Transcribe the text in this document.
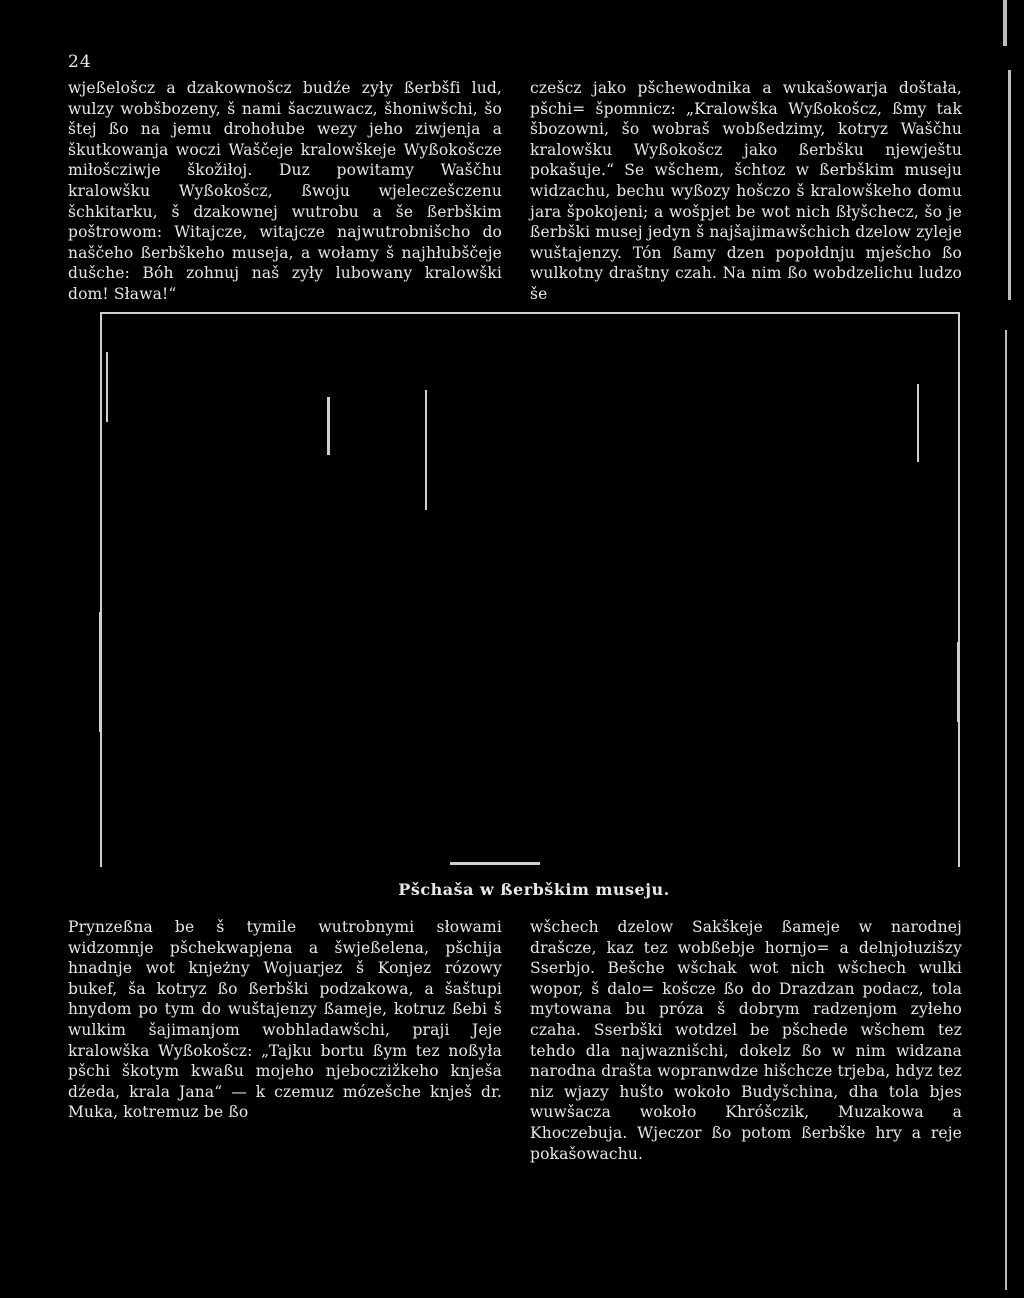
24

wjeßelošcz a dzakownošcz budźe zyły ßerbšfi lud, wulzy wobšbozeny, š nami šaczuwacz, šhoniwšchi, šo štej ßo na jemu drohołube wezy jeho ziwjenja a škutkowanja woczi Waščeje kralowškeje Wyßokošcze miłošcziwje škožiłoj. Duz powitamy Waščhu kralowšku Wyßokošcz, ßwoju wjeleczešczenu šchkitarku, š dzakownej wutrobu a še ßerbškim poštrowom: Witajcze, witajcze najwutrobnišcho do naščeho ßerbškeho museja, a wołamy š najhłubščeje dušche: Bóh zohnuj naš zyły lubowany kralowški dom! Sława!“

czešcz jako pšchewodnika a wukašowarja doštała, pšchi= špomnicz: „Kralowška Wyßokošcz, ßmy tak šbozowni, šo wobraš wobßedzimy, kotryz Waščhu kralowšku Wyßokošcz jako ßerbšku njewještu pokašuje.“ Se wšchem, šchtoz w ßerbškim museju widzachu, bechu wyßozy hošczo š kralowškeho domu jara špokojeni; a wošpjet be wot nich ßłyšchecz, šo je ßerbški musej jedyn š najšajimawšchich dzelow zyleje wuštajenzy. Tón ßamy dzen popołdnju mješcho ßo wulkotny draštny czah. Na nim ßo wobdzelichu ludzo še

Pšchaša w ßerbškim museju.

Prynzeßna be š tymile wutrobnymi słowami widzomnje pšchekwapjena a šwjeßelena, pšchija hnadnje wot knjeżny Wojuarjez š Konjez rózowy bukef, ša kotryz ßo ßerbški podzakowa, a šaštupi hnydom po tym do wuštajenzy ßameje, kotruz ßebi š wulkim šajimanjom wobhladawšchi, praji Jeje kralowška Wyßokošcz: „Tajku bortu ßym tez noßyła pšchi škotym kwaßu mojeho njeboczižkeho knješa dźeda, krala Jana“ — k czemuz mózešche knješ dr. Muka, kotremuz be ßo

wšchech dzelow Sakškeje ßameje w narodnej drašcze, kaz tez wobßebje hornjo= a delnjołuzišzy Sserbjo. Bešche wšchak wot nich wšchech wulki wopor, š dalo= košcze ßo do Drazdzan podacz, tola mytowana bu próza š dobrym radzenjom zyłeho czaha. Sserbški wotdzel be pšchede wšchem tez tehdo dla najwaznišchi, dokelz ßo w nim widzana narodna drašta wopranwdze hišchcze trjeba, hdyz tez niz wjazy hušto wokoło Budyšchina, dha tola bjes wuwšacza wokoło Khróšczik, Muzakowa a Khoczebuja. Wjeczor ßo potom ßerbške hry a reje pokašowachu.
